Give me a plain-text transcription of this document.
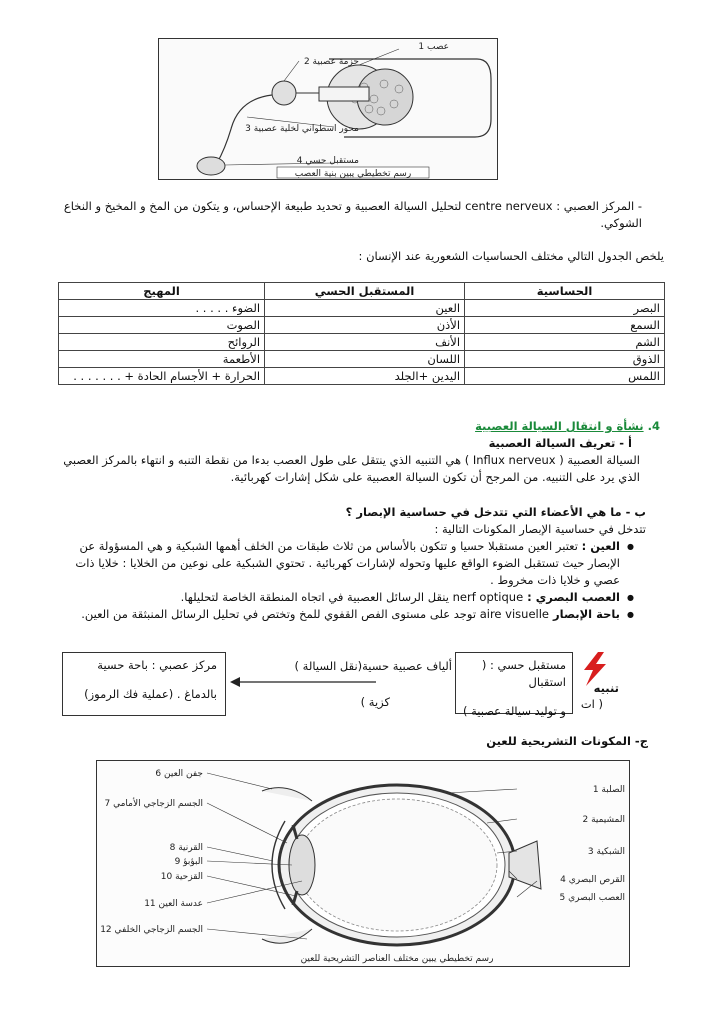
1 عصب
2 حزمة عصبية
3 محور اسطواني لخلية عصبية
4 مستقبل حسي
رسم تخطيطي يبين بنية العصب
- المركز العصبي : centre nerveux لتحليل السيالة العصبية و تحديد طبيعة الإحساس، و يتكون من المخ و المخيخ و النخاع الشوكي.
يلخص الجدول التالي مختلف الحساسيات الشعورية عند الإنسان :
الحساسية	المستقبل الحسي	المهيج
البصر	العين	الضوء . . . . .
السمع	الأذن	الصوت
الشم	الأنف	الروائح
الذوق	اللسان	الأطعمة
اللمس	اليدين +الجلد	الحرارة + الأجسام الحادة + . . . . . . .
4. نشأة و انتقال السيالة العصبية
أ - تعريف السيالة العصبية
السيالة العصبية ( Influx nerveux ) هي التنبيه الذي ينتقل على طول العصب بدءا من نقطة التنبه و انتهاء بالمركز العصبي
الذي يرد على التنبيه. من المرجح أن تكون السيالة العصبية على شكل إشارات كهربائية.
ب - ما هي الأعضاء التي تتدخل في حساسية الإبصار ؟
تتدخل في حساسية الإبصار المكونات التالية :
● العين : تعتبر العين مستقبلا حسيا و تتكون بالأساس من ثلاث طبقات من الخلف أهمها الشبكية و هي المسؤولة عن الإبصار حيث تستقبل الضوء الواقع عليها وتحوله لإشارات كهربائية . تحتوي الشبكية على نوعين من الخلايا : خلايا ذات عصي و خلايا ذات مخروط .
● العصب البصري : nerf optique ينقل الرسائل العصبية في اتجاه المنطقة الخاصة لتحليلها.
● باحة الإبصار aire visuelle توجد على مستوى الفص القفوي للمخ وتختص في تحليل الرسائل المنبثقة من العين.
مركز عصبي : باحة حسية
بالدماغ . (عملية فك الرموز)
ألياف عصبية حسية(نقل السيالة )
كزية )
مستقبل حسي : ( استقبال
و توليد سيالة عصبية )
تنبيه
( ات
ج- المكونات التشريحية للعين
6 جفن العين
7 الجسم الزجاجي الأمامي
8 القرنية
9 البؤبؤ
10 القزحية
11 عدسة العين
12 الجسم الزجاجي الخلفي
1 الصلبة
2 المشيمية
3 الشبكية
4 القرص البصري
5 العصب البصري
رسم تخطيطي يبين مختلف العناصر التشريحية للعين
